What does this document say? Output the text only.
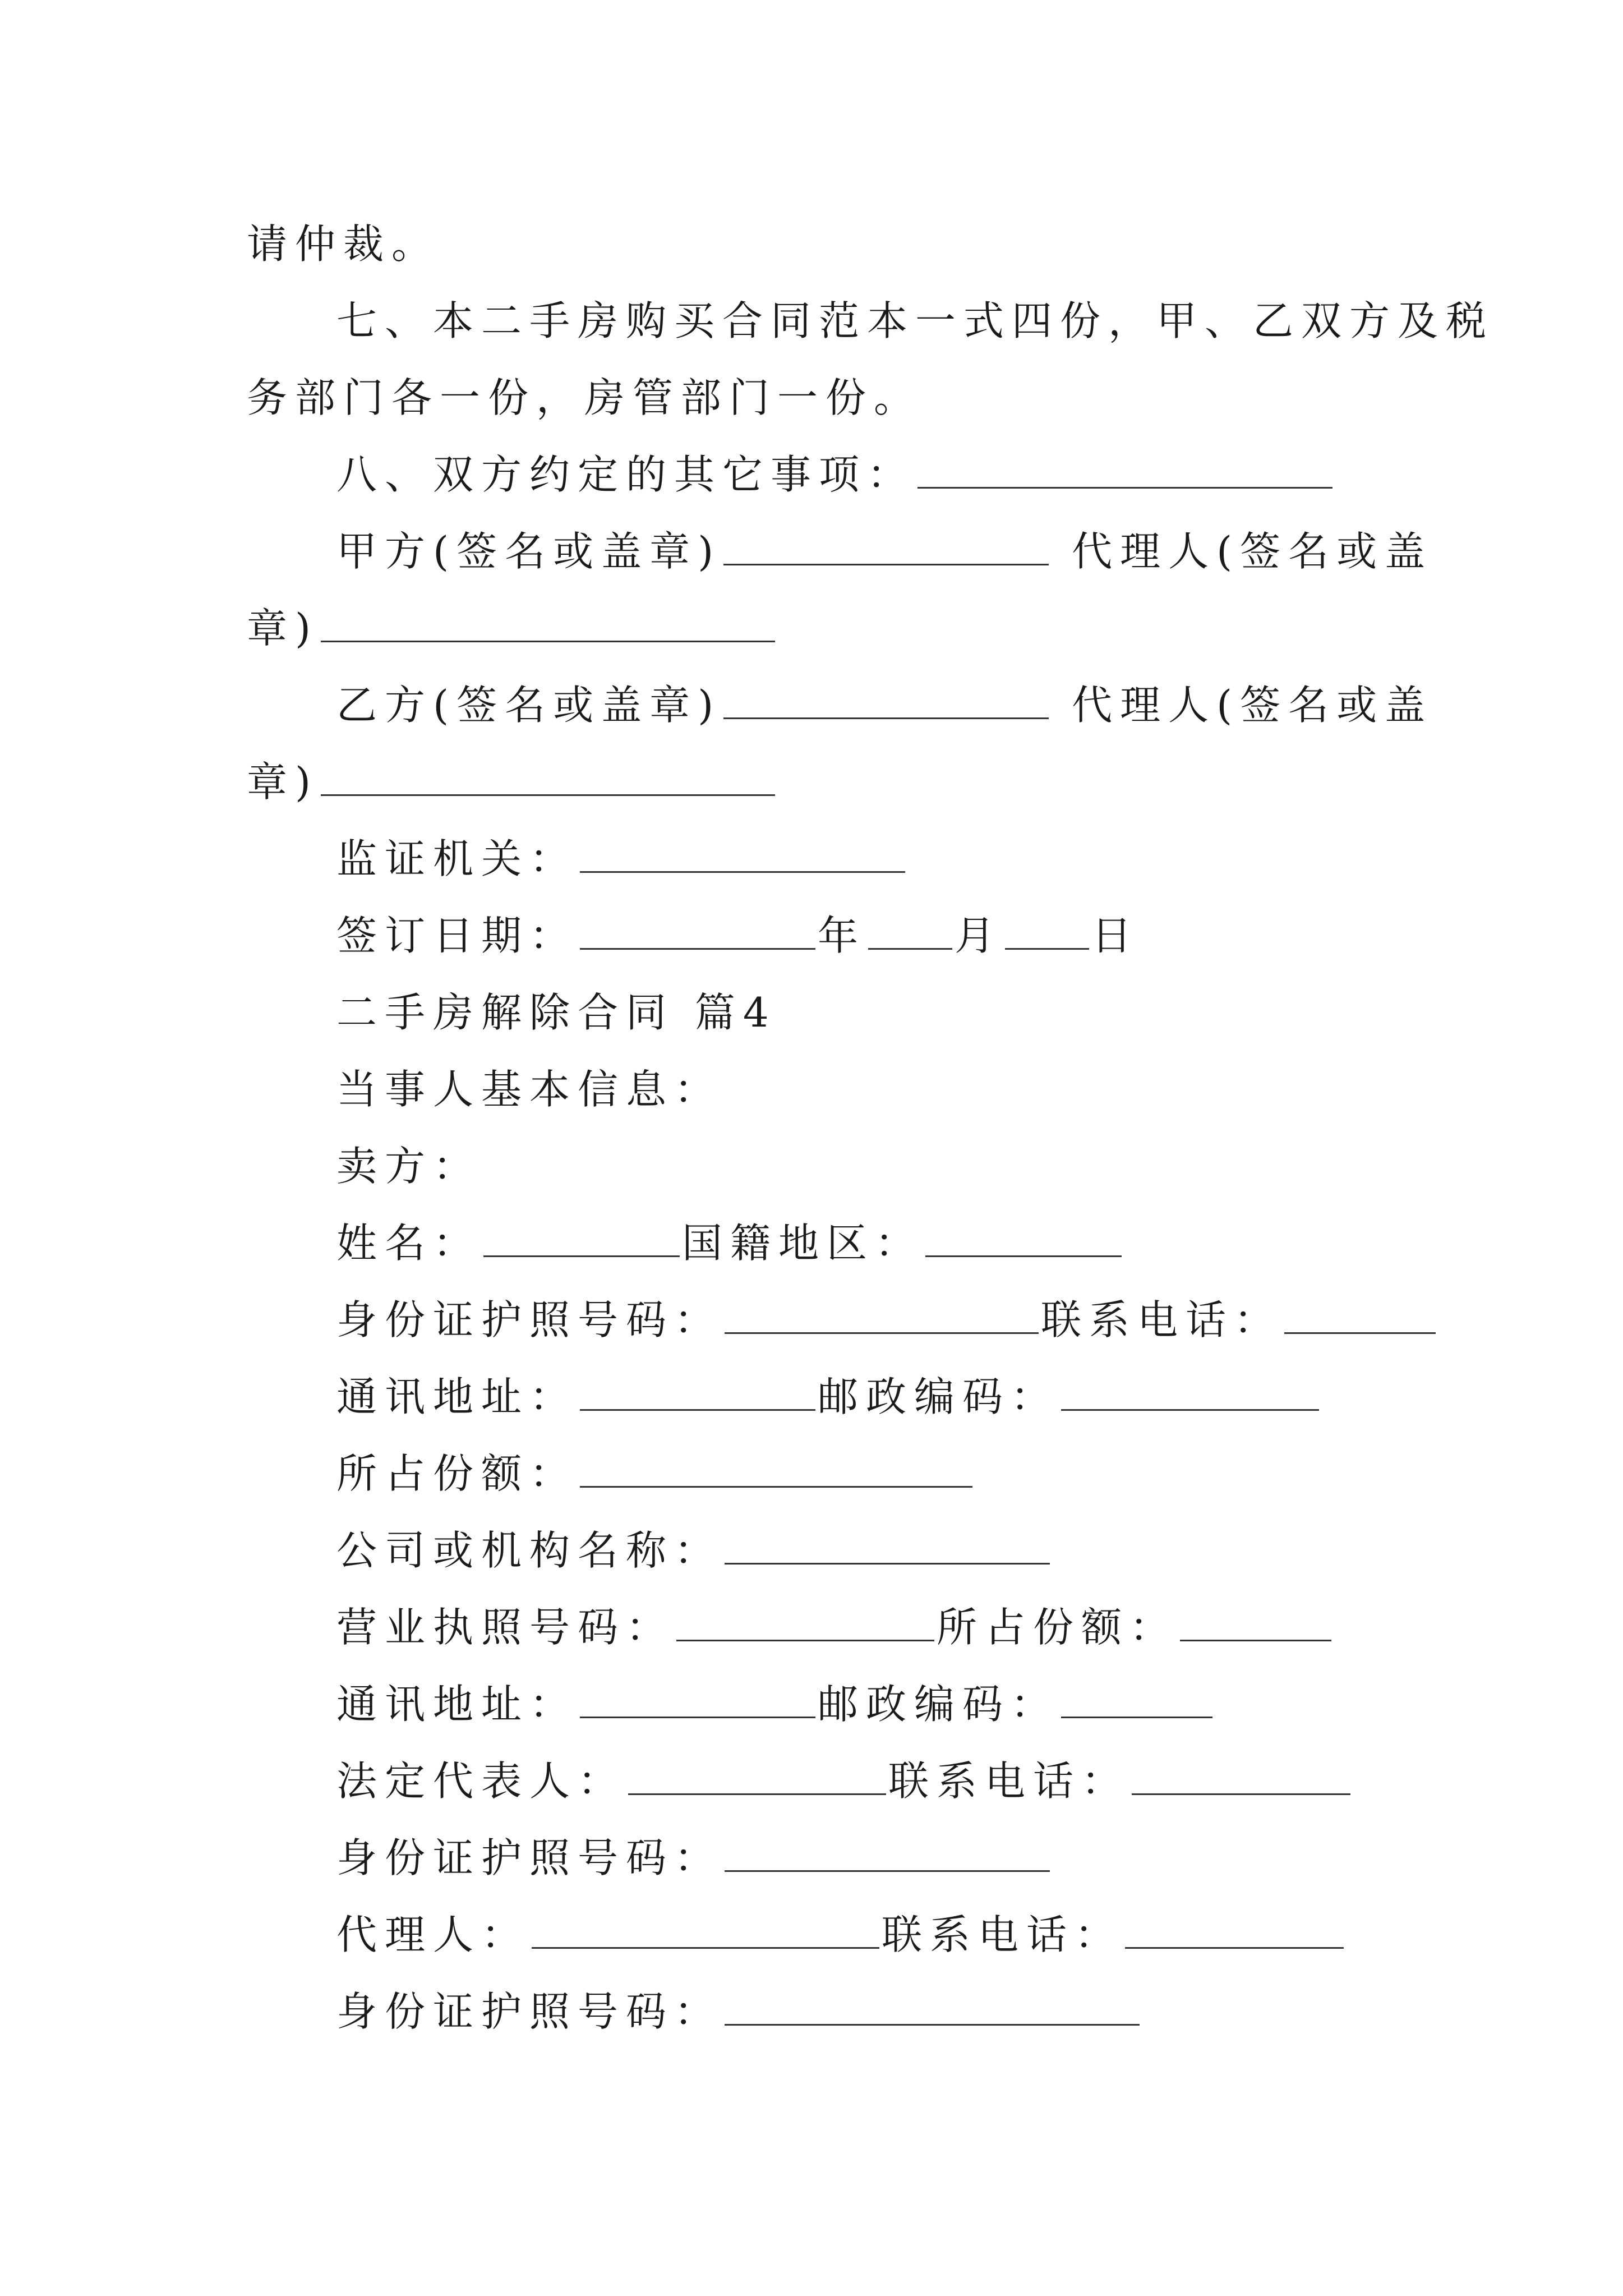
请仲裁。
七、本二手房购买合同范本一式四份，甲、乙双方及税
务部门各一份，房管部门一份。
八、双方约定的其它事项：
甲方(签名或盖章)	代理人(签名或盖
章)
乙方(签名或盖章)	代理人(签名或盖
章)
监证机关：
签订日期：	年 月 日
二手房解除合同 篇4
当事人基本信息：
卖方：
姓名：	国籍地区：
身份证护照号码：	联系电话：
通讯地址：	邮政编码：
所占份额：
公司或机构名称：
营业执照号码：	所占份额：
通讯地址：	邮政编码：
法定代表人：	联系电话：
身份证护照号码：
代理人：	联系电话：
身份证护照号码：
